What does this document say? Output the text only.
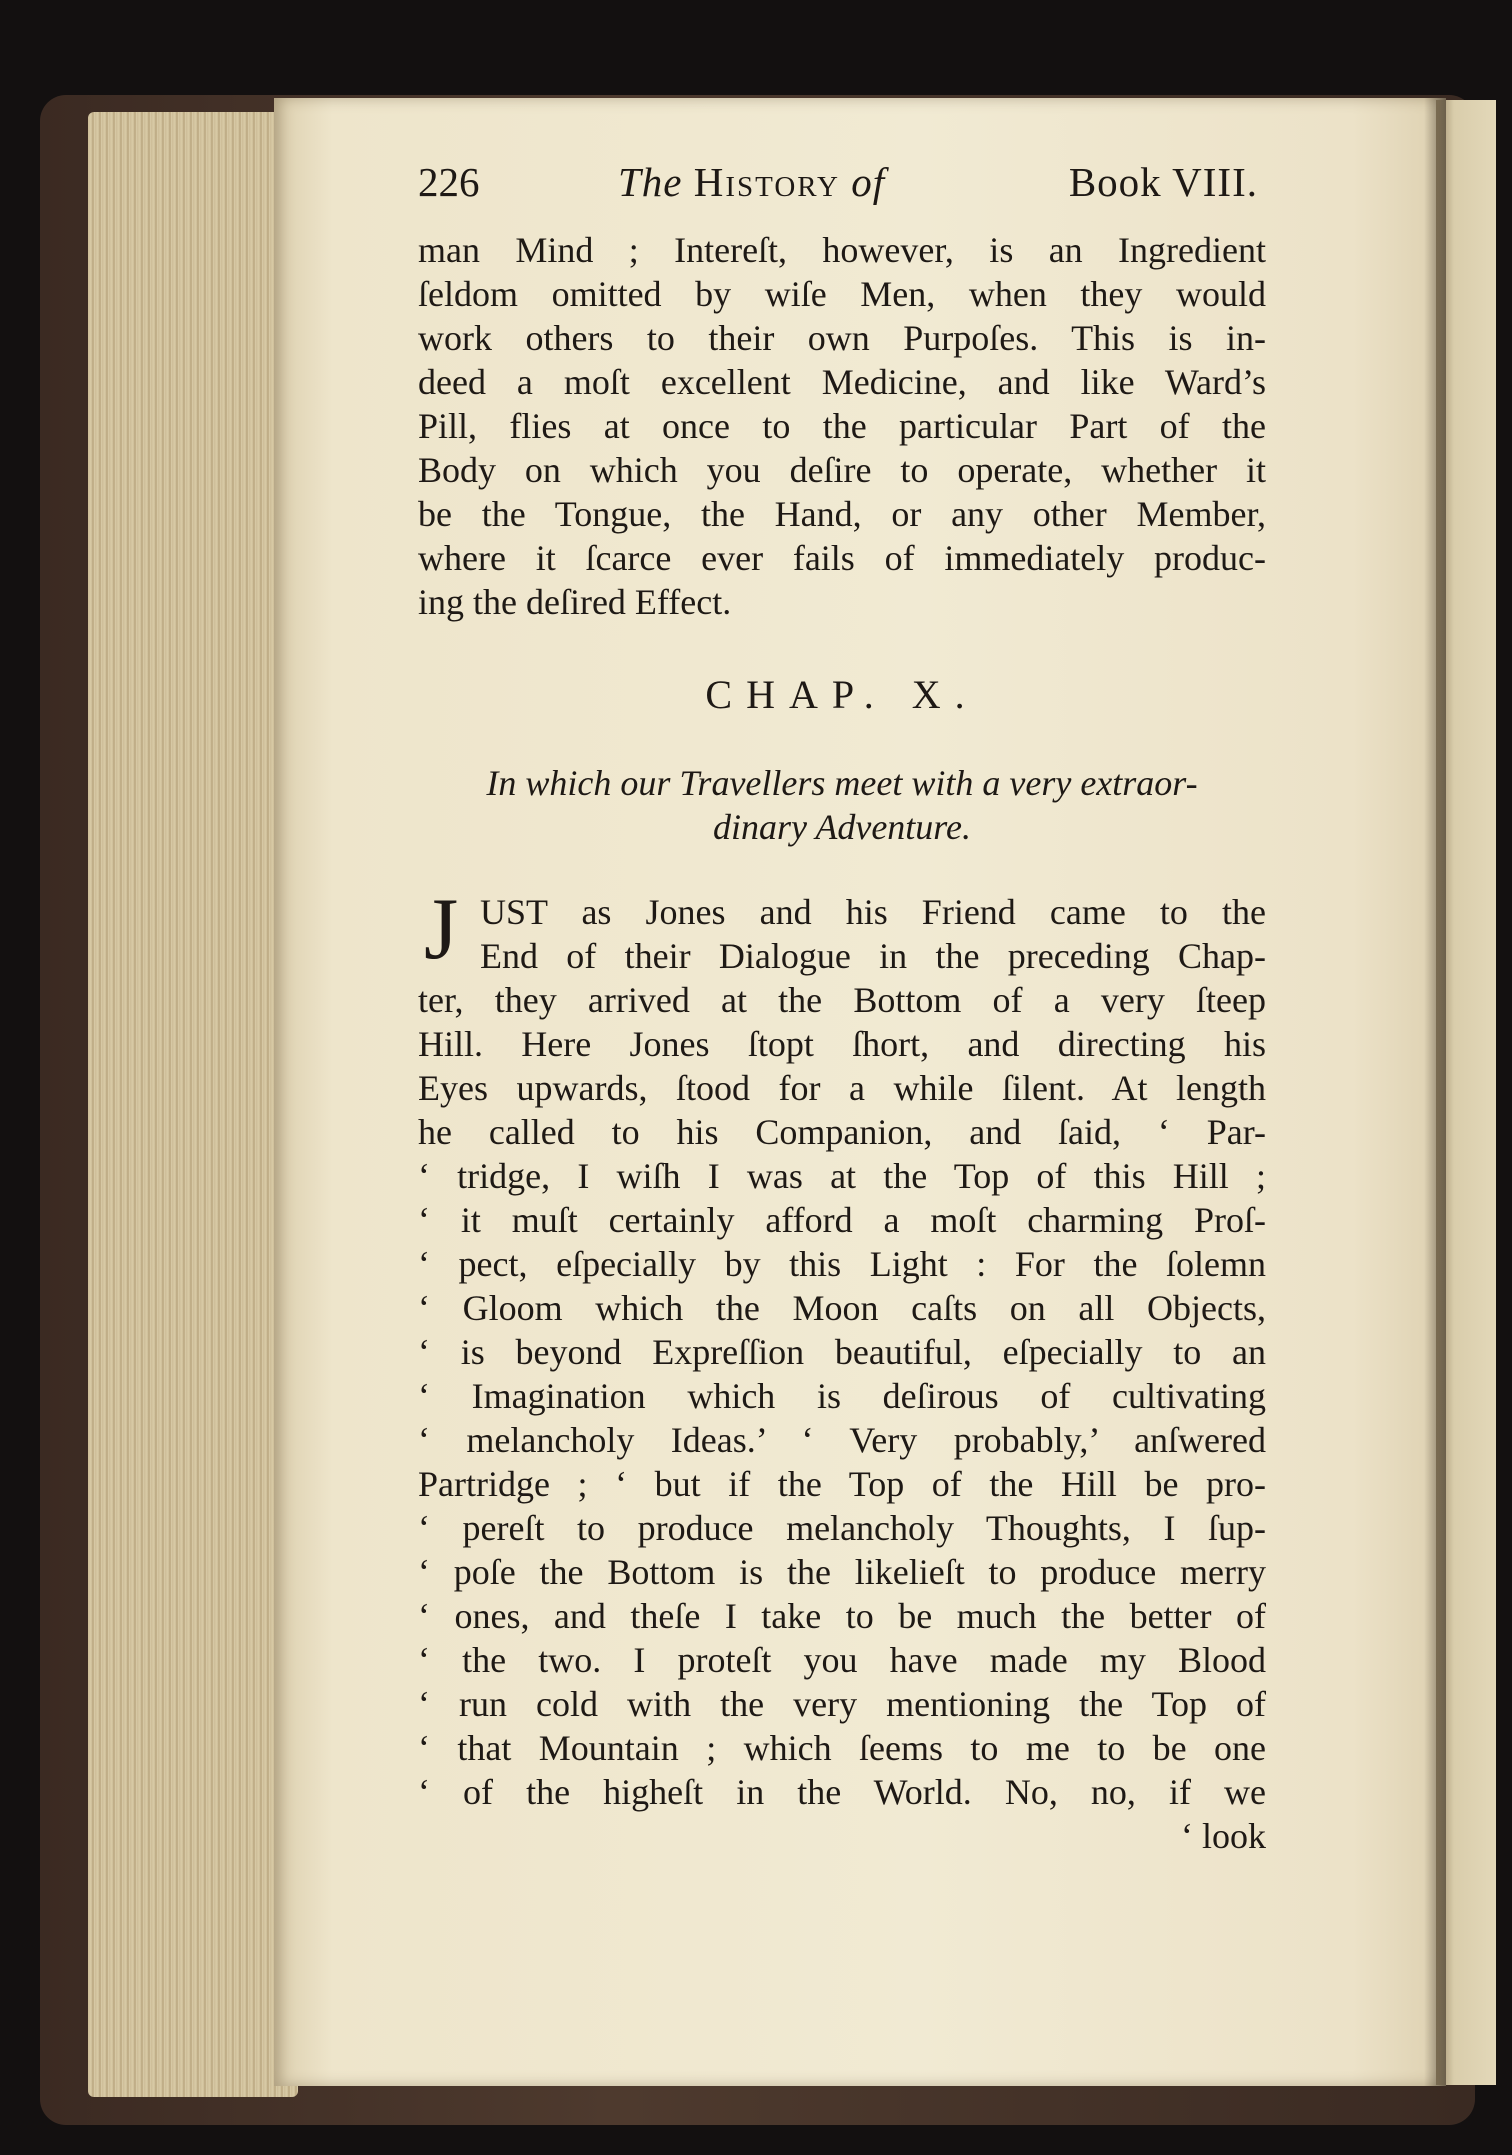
226	The History of	Book VIII.
man Mind ; Intereſt, however, is an Ingredient
ſeldom omitted by wiſe Men, when they would
work others to their own Purpoſes. This is in-
deed a moſt excellent Medicine, and like Ward’s
Pill, flies at once to the particular Part of the
Body on which you deſire to operate, whether it
be the Tongue, the Hand, or any other Member,
where it ſcarce ever fails of immediately produc-
ing the deſired Effect.
CHAP. X.
In which our Travellers meet with a very extraor-
dinary Adventure.
J UST as Jones and his Friend came to the
End of their Dialogue in the preceding Chap-
ter, they arrived at the Bottom of a very ſteep
Hill. Here Jones ſtopt ſhort, and directing his
Eyes upwards, ſtood for a while ſilent. At length
he called to his Companion, and ſaid, ‘ Par-
‘ tridge, I wiſh I was at the Top of this Hill ;
‘ it muſt certainly afford a moſt charming Proſ-
‘ pect, eſpecially by this Light : For the ſolemn
‘ Gloom which the Moon caſts on all Objects,
‘ is beyond Expreſſion beautiful, eſpecially to an
‘ Imagination which is deſirous of cultivating
‘ melancholy Ideas.’ ‘ Very probably,’ anſwered
Partridge ; ‘ but if the Top of the Hill be pro-
‘ pereſt to produce melancholy Thoughts, I ſup-
‘ poſe the Bottom is the likelieſt to produce merry
‘ ones, and theſe I take to be much the better of
‘ the two. I proteſt you have made my Blood
‘ run cold with the very mentioning the Top of
‘ that Mountain ; which ſeems to me to be one
‘ of the higheſt in the World. No, no, if we
‘ look
